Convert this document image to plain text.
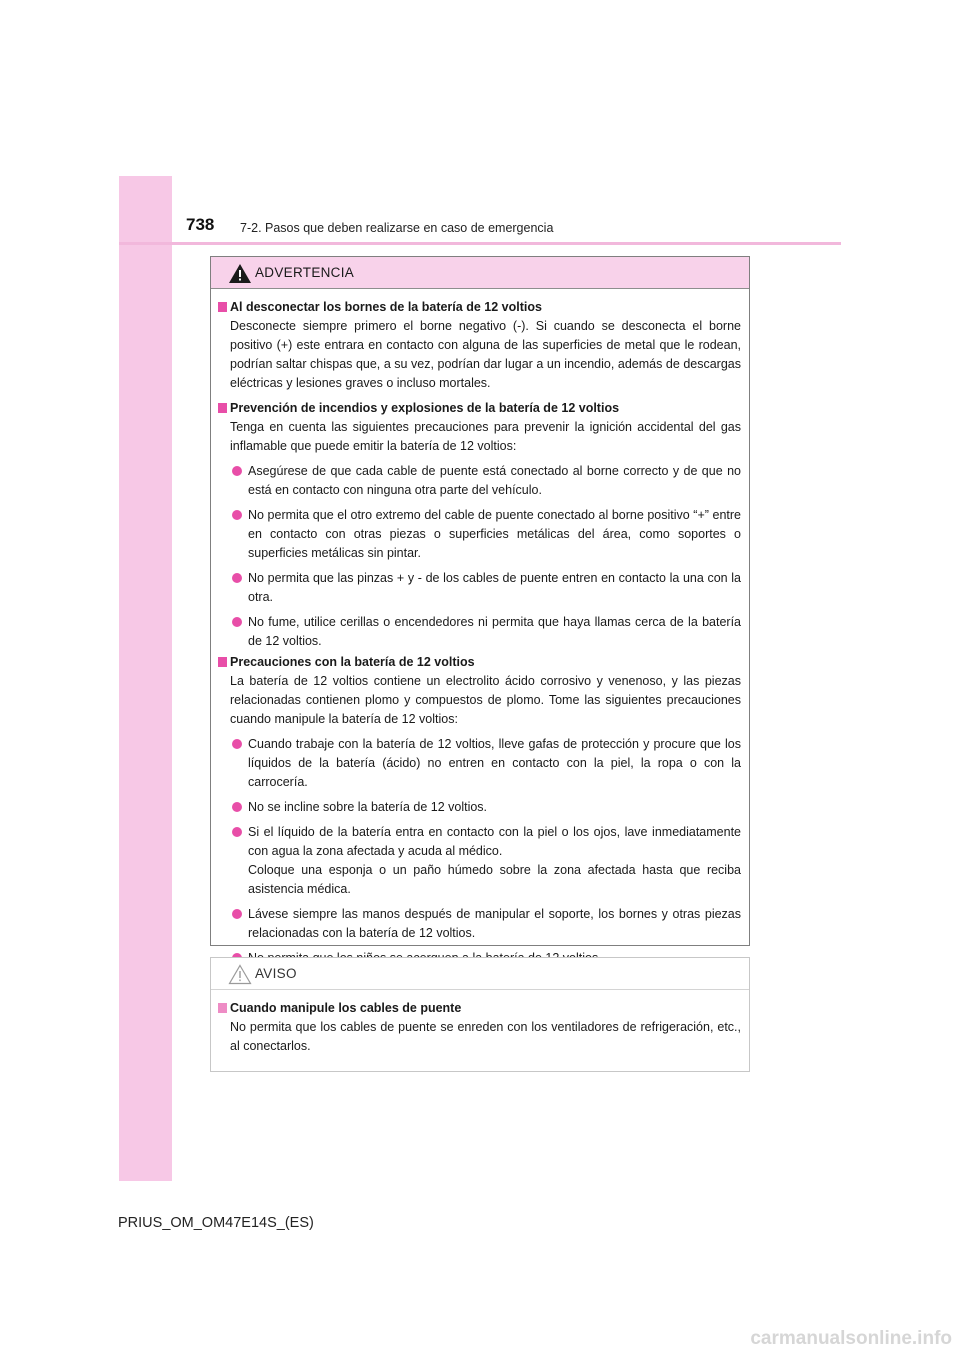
738 7-2. Pasos que deben realizarse en caso de emergencia
ADVERTENCIA

Al desconectar los bornes de la batería de 12 voltios

Desconecte siempre primero el borne negativo (-). Si cuando se desconecta el borne positivo (+) este entrara en contacto con alguna de las superficies de metal que le rodean, podrían saltar chispas que, a su vez, podrían dar lugar a un incendio, además de descargas eléctricas y lesiones graves o incluso mortales.

Prevención de incendios y explosiones de la batería de 12 voltios

Tenga en cuenta las siguientes precauciones para prevenir la ignición accidental del gas inflamable que puede emitir la batería de 12 voltios:

Asegúrese de que cada cable de puente está conectado al borne correcto y de que no está en contacto con ninguna otra parte del vehículo.

No permita que el otro extremo del cable de puente conectado al borne positivo “+” entre en contacto con otras piezas o superficies metálicas del área, como soportes o superficies metálicas sin pintar.

No permita que las pinzas + y - de los cables de puente entren en contacto la una con la otra.

No fume, utilice cerillas o encendedores ni permita que haya llamas cerca de la batería de 12 voltios.

Precauciones con la batería de 12 voltios

La batería de 12 voltios contiene un electrolito ácido corrosivo y venenoso, y las piezas relacionadas contienen plomo y compuestos de plomo. Tome las siguientes precauciones cuando manipule la batería de 12 voltios:

Cuando trabaje con la batería de 12 voltios, lleve gafas de protección y procure que los líquidos de la batería (ácido) no entren en contacto con la piel, la ropa o con la carrocería.

No se incline sobre la batería de 12 voltios.

Si el líquido de la batería entra en contacto con la piel o los ojos, lave inmediatamente con agua la zona afectada y acuda al médico.
Coloque una esponja o un paño húmedo sobre la zona afectada hasta que reciba asistencia médica.

Lávese siempre las manos después de manipular el soporte, los bornes y otras piezas relacionadas con la batería de 12 voltios.

AVISO

Cuando manipule los cables de puente

No permita que los cables de puente se enreden con los ventiladores de refrigeración, etc., al conectarlos.

PRIUS_OM_OM47E14S_(ES)
carmanualsonline.info
